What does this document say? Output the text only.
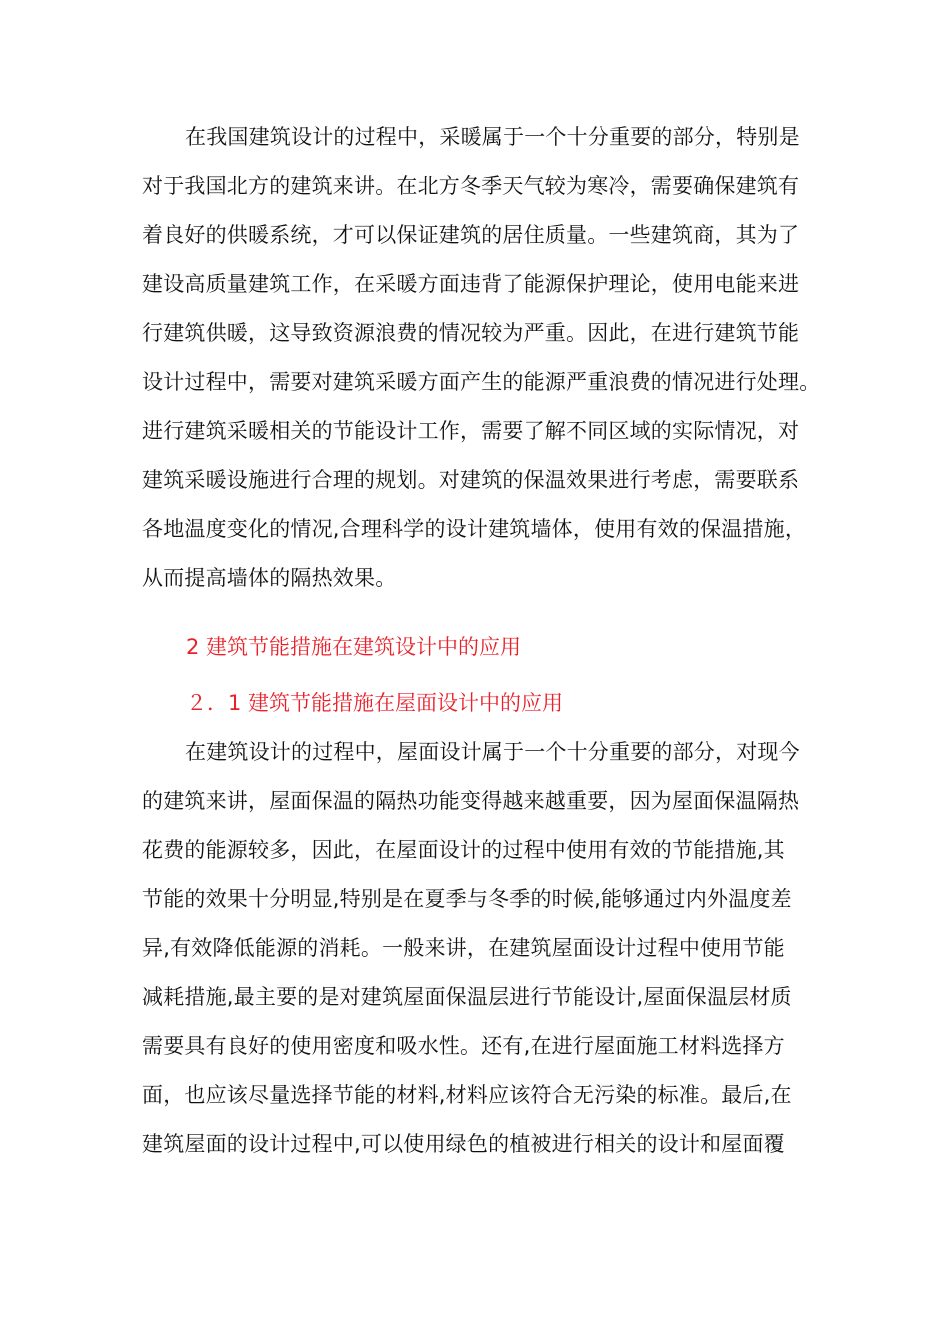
在我国建筑设计的过程中，采暖属于一个十分重要的部分，特别是
对于我国北方的建筑来讲。在北方冬季天气较为寒冷，需要确保建筑有
着良好的供暖系统，才可以保证建筑的居住质量。一些建筑商，其为了
建设高质量建筑工作，在采暖方面违背了能源保护理论，使用电能来进
行建筑供暖，这导致资源浪费的情况较为严重。因此，在进行建筑节能
设计过程中，需要对建筑采暖方面产生的能源严重浪费的情况进行处理。
进行建筑采暖相关的节能设计工作，需要了解不同区域的实际情况，对
建筑采暖设施进行合理的规划。对建筑的保温效果进行考虑，需要联系
各地温度变化的情况,合理科学的设计建筑墙体，使用有效的保温措施，
从而提高墙体的隔热效果。
2 建筑节能措施在建筑设计中的应用
２．1 建筑节能措施在屋面设计中的应用
在建筑设计的过程中，屋面设计属于一个十分重要的部分，对现今
的建筑来讲，屋面保温的隔热功能变得越来越重要，因为屋面保温隔热
花费的能源较多，因此，在屋面设计的过程中使用有效的节能措施,其
节能的效果十分明显,特别是在夏季与冬季的时候,能够通过内外温度差
异,有效降低能源的消耗。一般来讲，在建筑屋面设计过程中使用节能
减耗措施,最主要的是对建筑屋面保温层进行节能设计,屋面保温层材质
需要具有良好的使用密度和吸水性。还有,在进行屋面施工材料选择方
面，也应该尽量选择节能的材料,材料应该符合无污染的标准。最后,在
建筑屋面的设计过程中,可以使用绿色的植被进行相关的设计和屋面覆
